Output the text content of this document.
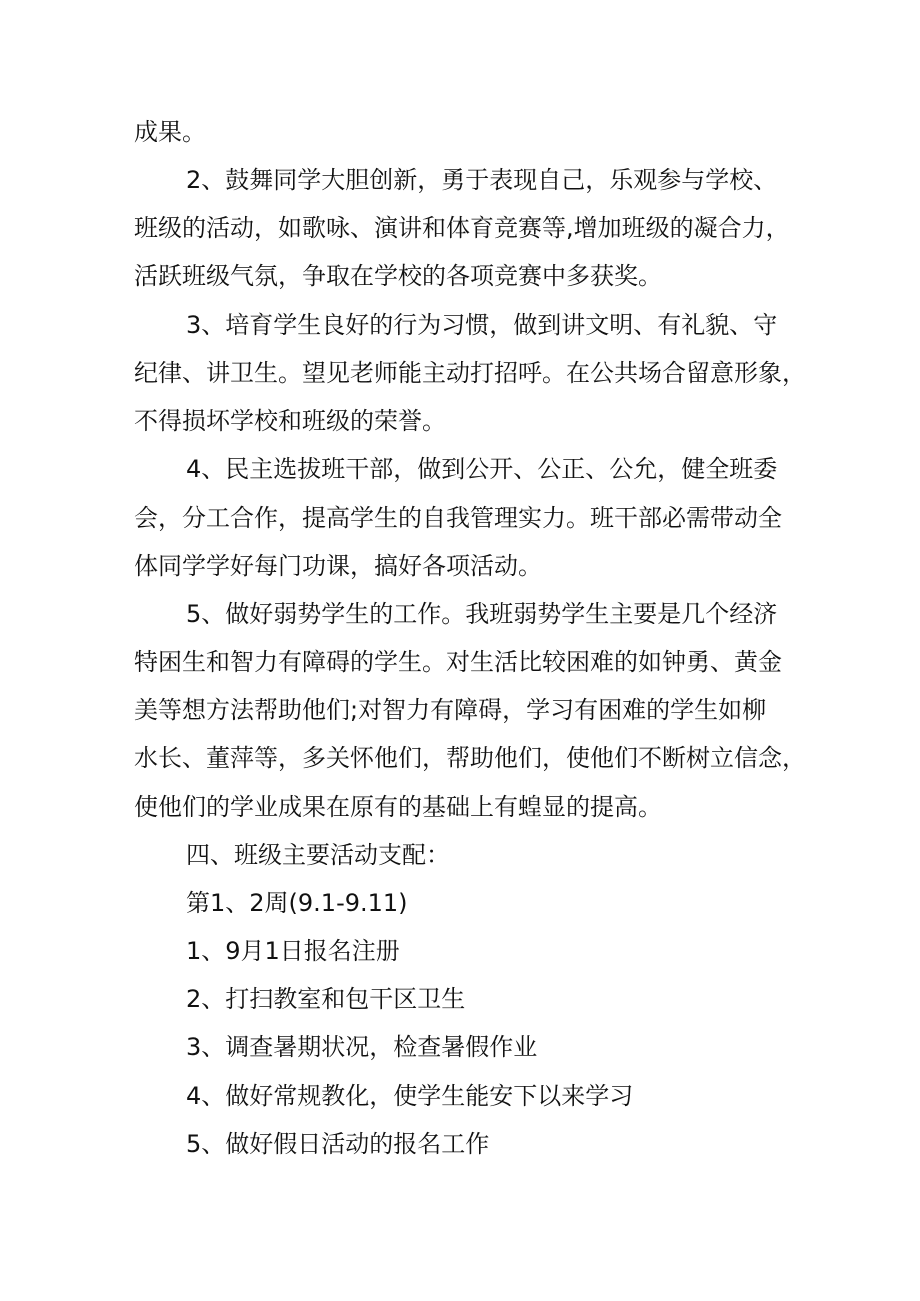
成果。
2、鼓舞同学大胆创新，勇于表现自己，乐观参与学校、
班级的活动，如歌咏、演讲和体育竞赛等,增加班级的凝合力，
活跃班级气氛，争取在学校的各项竞赛中多获奖。
3、培育学生良好的行为习惯，做到讲文明、有礼貌、守
纪律、讲卫生。望见老师能主动打招呼。在公共场合留意形象，
不得损坏学校和班级的荣誉。
4、民主选拔班干部，做到公开、公正、公允，健全班委
会，分工合作，提高学生的自我管理实力。班干部必需带动全
体同学学好每门功课，搞好各项活动。
5、做好弱势学生的工作。我班弱势学生主要是几个经济
特困生和智力有障碍的学生。对生活比较困难的如钟勇、黄金
美等想方法帮助他们;对智力有障碍，学习有困难的学生如柳
水长、董萍等，多关怀他们，帮助他们，使他们不断树立信念，
使他们的学业成果在原有的基础上有蝗显的提高。
四、班级主要活动支配：
第1、2周(9.1-9.11)
1、9月1日报名注册
2、打扫教室和包干区卫生
3、调查暑期状况，检查暑假作业
4、做好常规教化，使学生能安下以来学习
5、做好假日活动的报名工作
